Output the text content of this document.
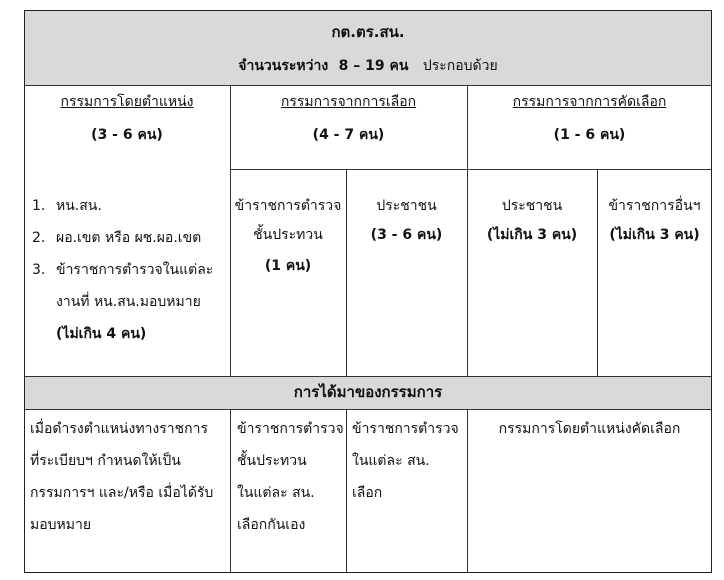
กต.ตร.สน.
จำนวนระหว่าง 8 – 19 คน ประกอบด้วย
กรรมการโดยตำแหน่ง
(3 - 6 คน)
กรรมการจากการเลือก
(4 - 7 คน)
กรรมการจากการคัดเลือก
(1 - 6 คน)
1. หน.สน.
2. ผอ.เขต หรือ ผช.ผอ.เขต
3. ข้าราชการตำรวจในแต่ละ
งานที่ หน.สน.มอบหมาย
(ไม่เกิน 4 คน)
ข้าราชการตำรวจ
ชั้นประทวน
(1 คน)
ประชาชน
(3 - 6 คน)
ประชาชน
(ไม่เกิน 3 คน)
ข้าราชการอื่นฯ
(ไม่เกิน 3 คน)
การได้มาของกรรมการ
เมื่อดำรงตำแหน่งทางราชการ
ที่ระเบียบฯ กำหนดให้เป็น
กรรมการฯ และ/หรือ เมื่อได้รับ
มอบหมาย
ข้าราชการตำรวจ
ชั้นประทวน
ในแต่ละ สน.
เลือกกันเอง
ข้าราชการตำรวจ
ในแต่ละ สน.
เลือก
กรรมการโดยตำแหน่งคัดเลือก
